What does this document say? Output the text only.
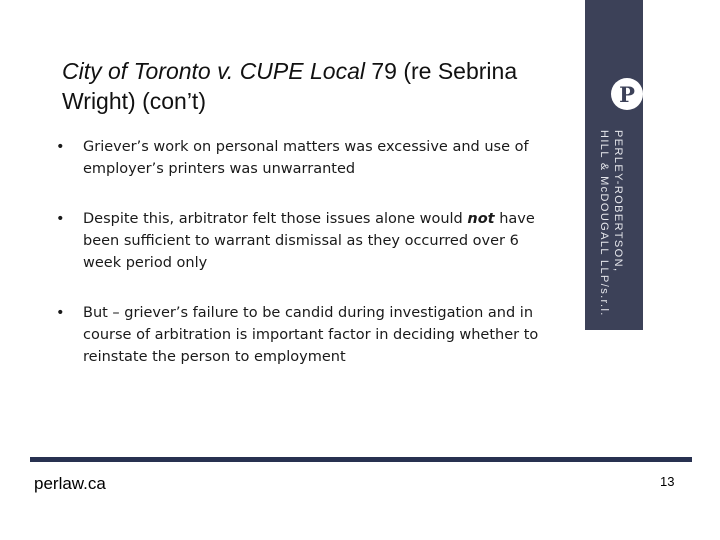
P
PERLEY-ROBERTSON,
HILL & McDOUGALL LLP/s.r.l.
City of Toronto v. CUPE Local 79 (re Sebrina Wright) (con’t)
• Griever’s work on personal matters was excessive and use of employer’s printers was unwarranted
• Despite this, arbitrator felt those issues alone would not have been sufficient to warrant dismissal as they occurred over 6 week period only
• But – griever’s failure to be candid during investigation and in course of arbitration is important factor in deciding whether to reinstate the person to employment
perlaw.ca	13
